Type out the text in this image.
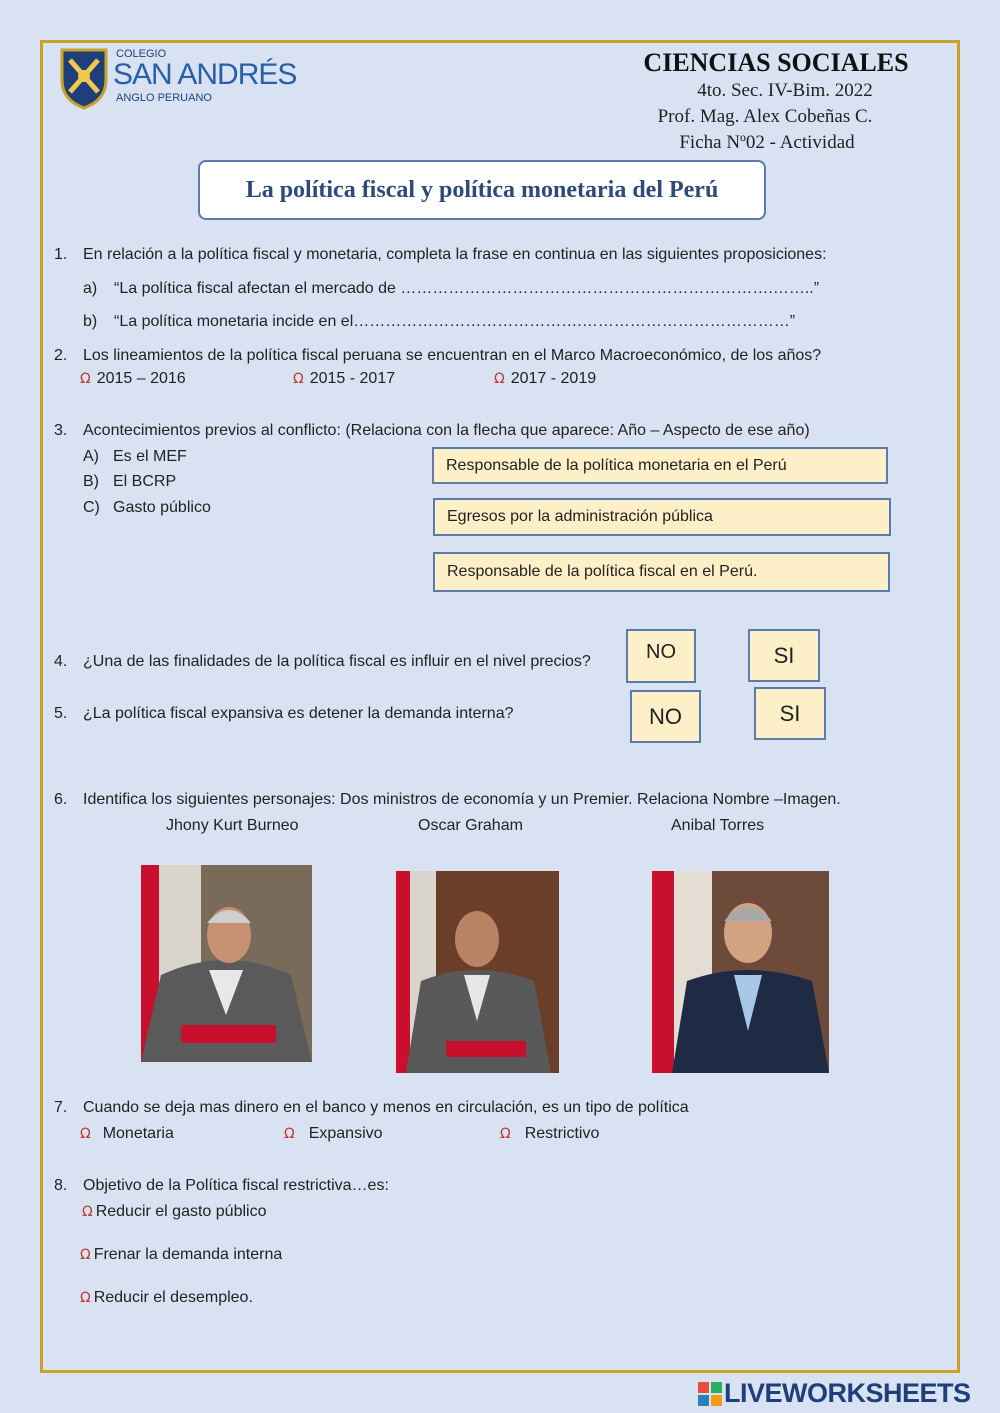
COLEGIO
SAN ANDRÉS
ANGLO PERUANO
CIENCIAS SOCIALES
4to. Sec. IV-Bim. 2022
Prof. Mag. Alex Cobeñas C.
Ficha Nº02 - Actividad
La política fiscal y política monetaria del Perú
1. En relación a la política fiscal y monetaria, completa la frase en continua en las siguientes proposiciones:
a) “La política fiscal afectan el mercado de …………………………………………………………….……..”
b) “La política monetaria incide en el…………………………………….…………………………………”
2. Los lineamientos de la política fiscal peruana se encuentran en el Marco Macroeconómico, de los años?
Ω 2015 – 2016	Ω 2015 - 2017	Ω 2017 - 2019
3. Acontecimientos previos al conflicto: (Relaciona con la flecha que aparece: Año – Aspecto de ese año)
A) Es el MEF
B) El BCRP
C) Gasto público
Responsable de la política monetaria en el Perú
Egresos por la administración pública
Responsable de la política fiscal en el Perú.
4. ¿Una de las finalidades de la política fiscal es influir en el nivel precios?	NO	SI
5. ¿La política fiscal expansiva es detener la demanda interna?	NO	SI
6. Identifica los siguientes personajes: Dos ministros de economía y un Premier. Relaciona Nombre –Imagen.
Jhony Kurt Burneo	Oscar Graham	Anibal Torres
7. Cuando se deja mas dinero en el banco y menos en circulación, es un tipo de política
Ω Monetaria	Ω Expansivo	Ω Restrictivo
8. Objetivo de la Política fiscal restrictiva…es:
Ω Reducir el gasto público
Ω Frenar la demanda interna
Ω Reducir el desempleo.
LIVEWORKSHEETS
